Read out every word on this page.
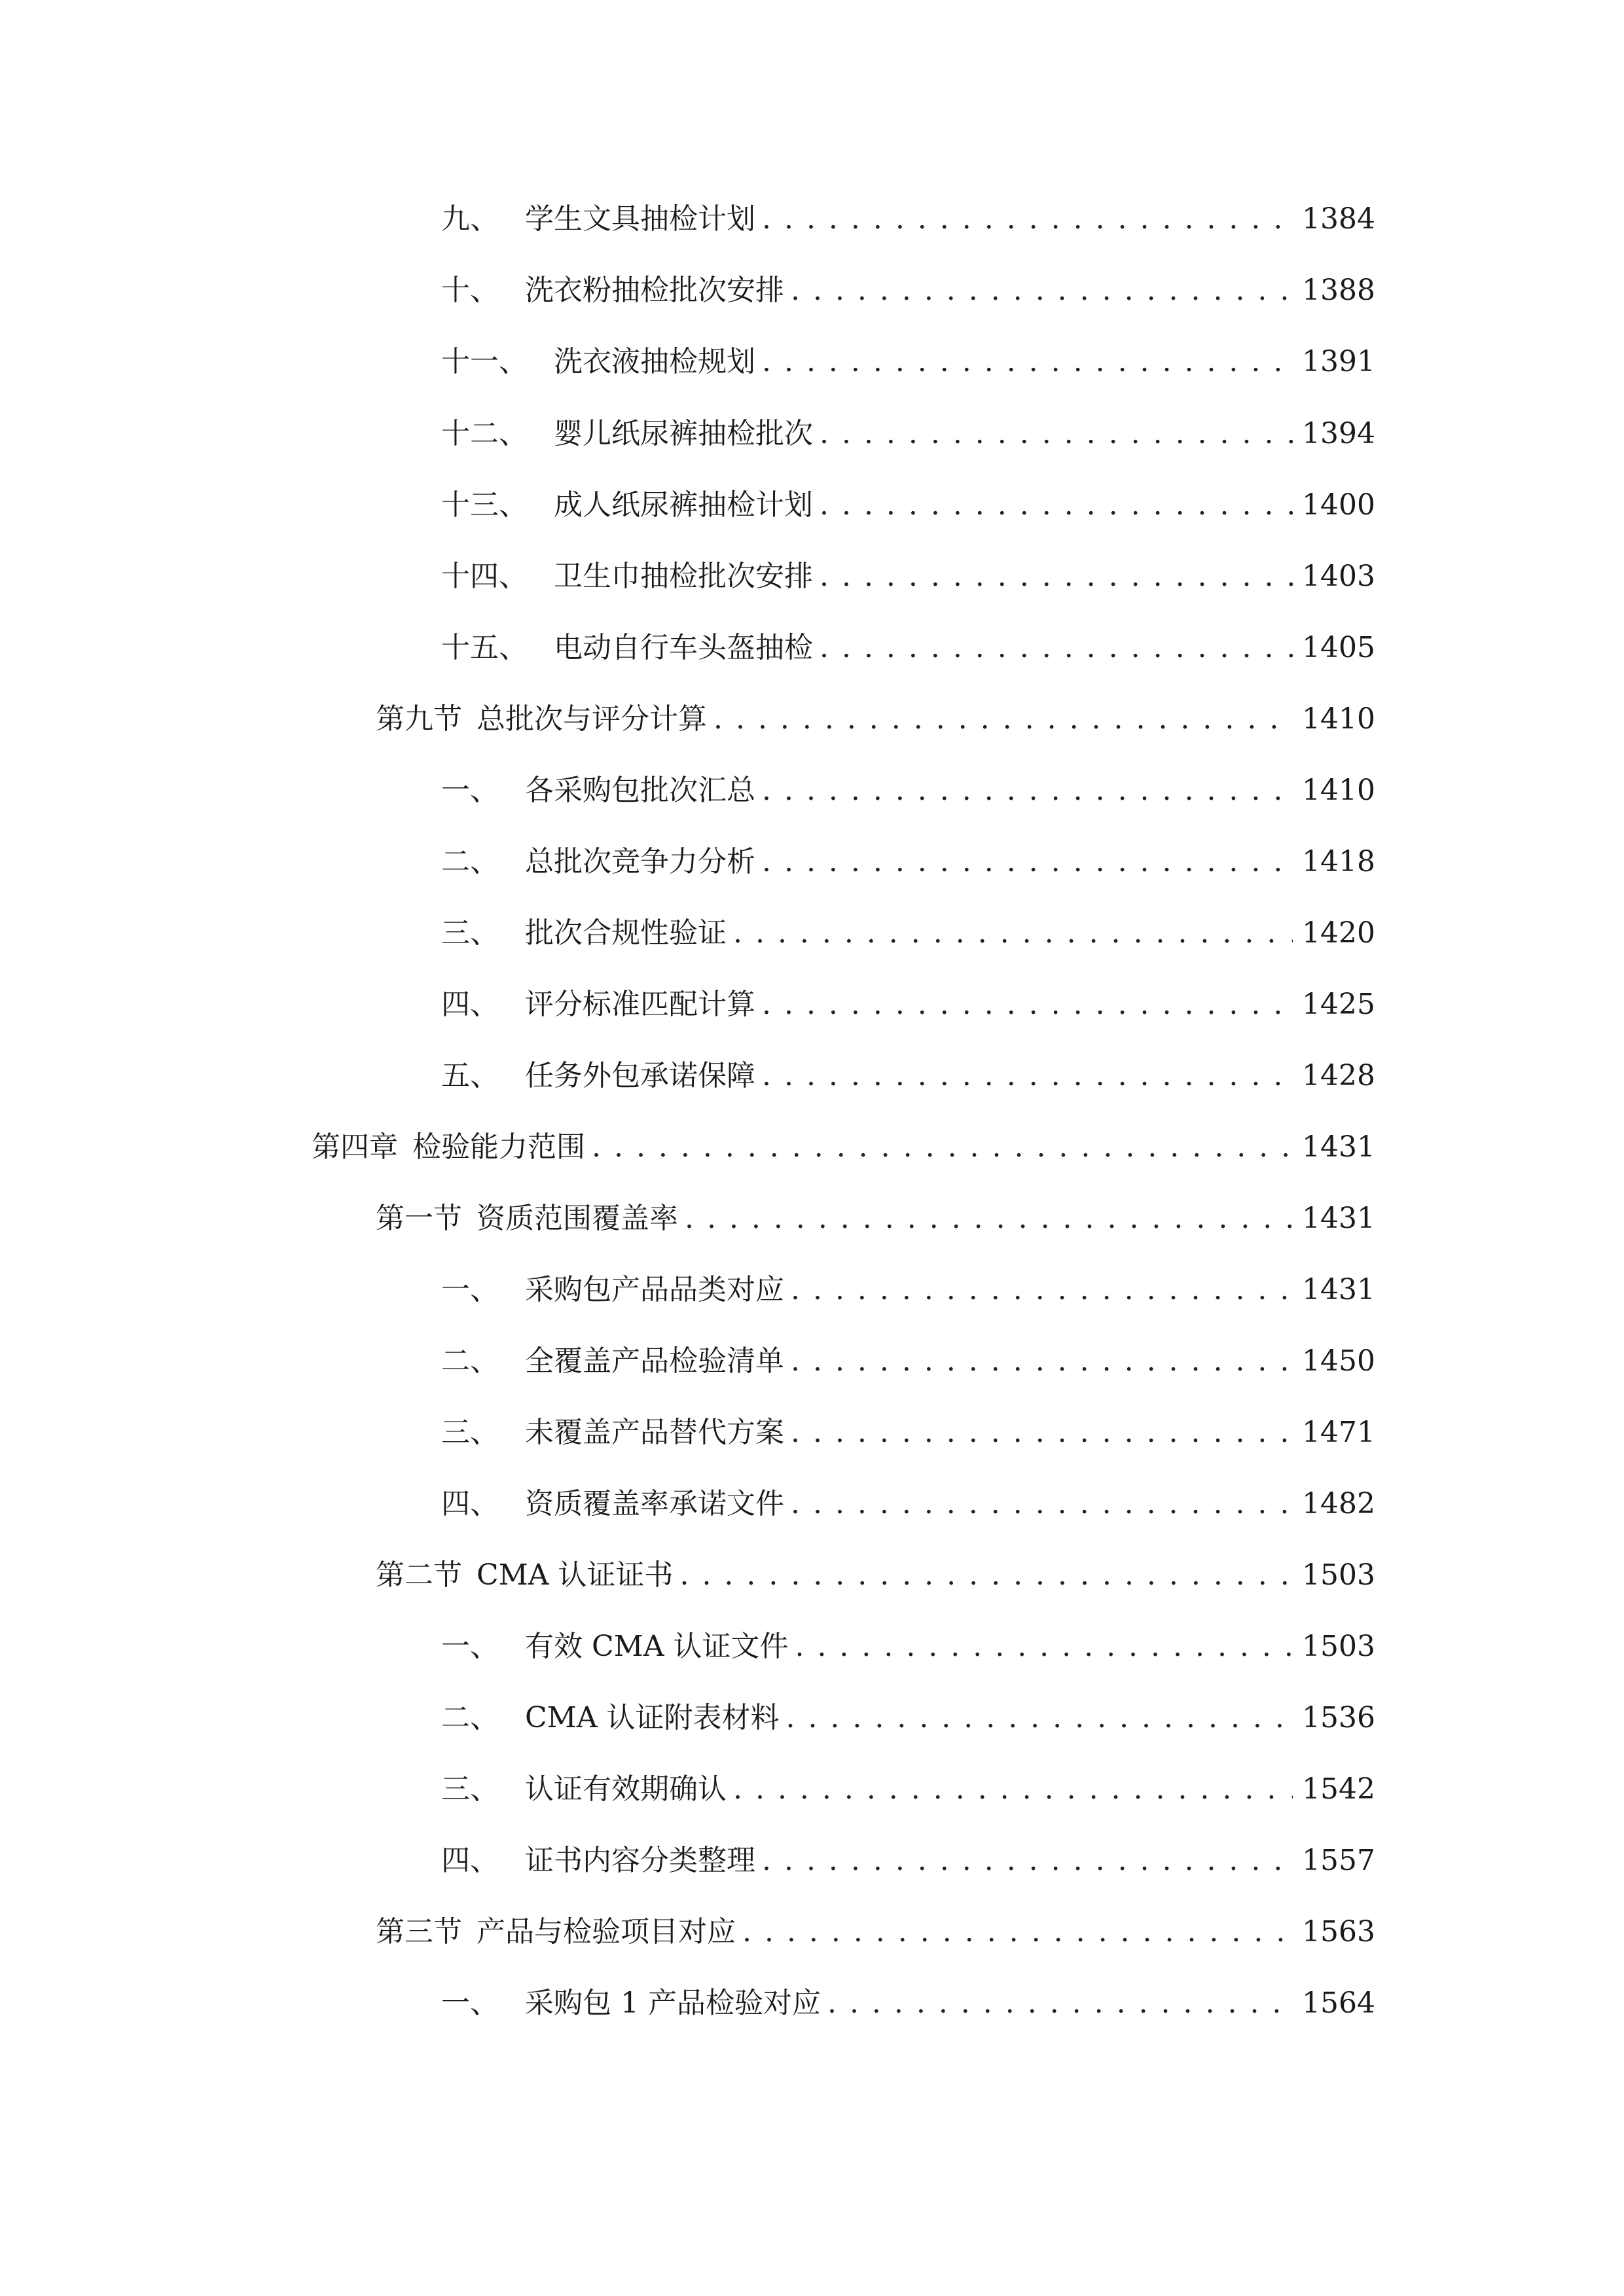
九、 学生文具抽检计划 . . .	1384
十、 洗衣粉抽检批次安排 . . .	1388
十一、 洗衣液抽检规划 . . .	1391
十二、 婴儿纸尿裤抽检批次 . . .	1394
十三、 成人纸尿裤抽检计划 . . .	1400
十四、 卫生巾抽检批次安排 . . .	1403
十五、 电动自行车头盔抽检 . . .	1405
第九节 总批次与评分计算 . . .	1410
一、 各采购包批次汇总 . . .	1410
二、 总批次竞争力分析 . . .	1418
三、 批次合规性验证 . . .	1420
四、 评分标准匹配计算 . . .	1425
五、 任务外包承诺保障 . . .	1428
第四章 检验能力范围 . . .	1431
第一节 资质范围覆盖率 . . .	1431
一、 采购包产品品类对应 . . .	1431
二、 全覆盖产品检验清单 . . .	1450
三、 未覆盖产品替代方案 . . .	1471
四、 资质覆盖率承诺文件 . . .	1482
第二节 CMA 认证证书 . . .	1503
一、 有效 CMA 认证文件 . . .	1503
二、 CMA 认证附表材料 . . .	1536
三、 认证有效期确认 . . .	1542
四、 证书内容分类整理 . . .	1557
第三节 产品与检验项目对应 . . .	1563
一、 采购包 1 产品检验对应 . . .	1564
